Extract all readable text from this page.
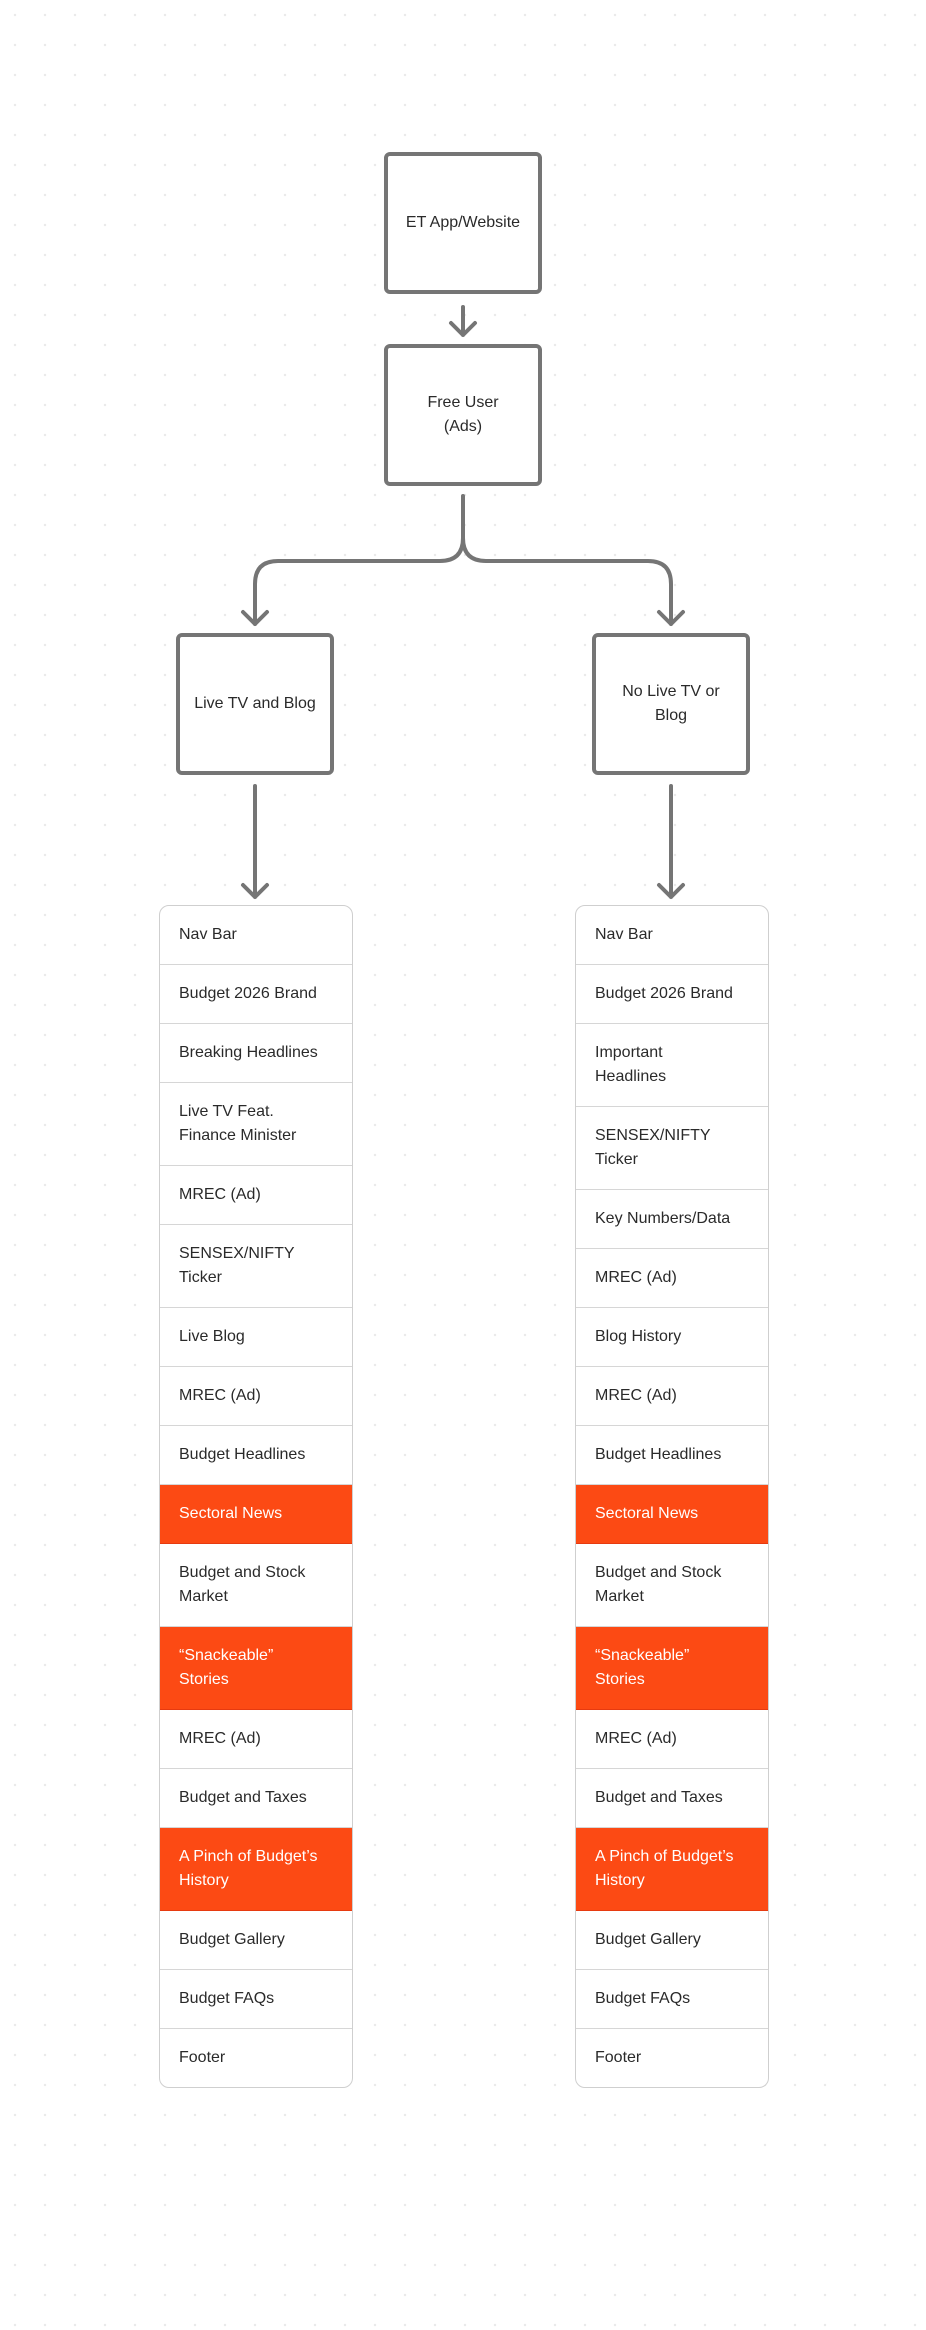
ET App/Website
Free User
(Ads)
Live TV and Blog
No Live TV or
Blog
Nav Bar
Budget 2026 Brand
Breaking Headlines
Live TV Feat.
Finance Minister
MREC (Ad)
SENSEX/NIFTY
Ticker
Live Blog
MREC (Ad)
Budget Headlines
Sectoral News
Budget and Stock
Market
“Snackeable”
Stories
MREC (Ad)
Budget and Taxes
A Pinch of Budget’s
History
Budget Gallery
Budget FAQs
Footer
Nav Bar
Budget 2026 Brand
Important
Headlines
SENSEX/NIFTY
Ticker
Key Numbers/Data
MREC (Ad)
Blog History
MREC (Ad)
Budget Headlines
Sectoral News
Budget and Stock
Market
“Snackeable”
Stories
MREC (Ad)
Budget and Taxes
A Pinch of Budget’s
History
Budget Gallery
Budget FAQs
Footer
